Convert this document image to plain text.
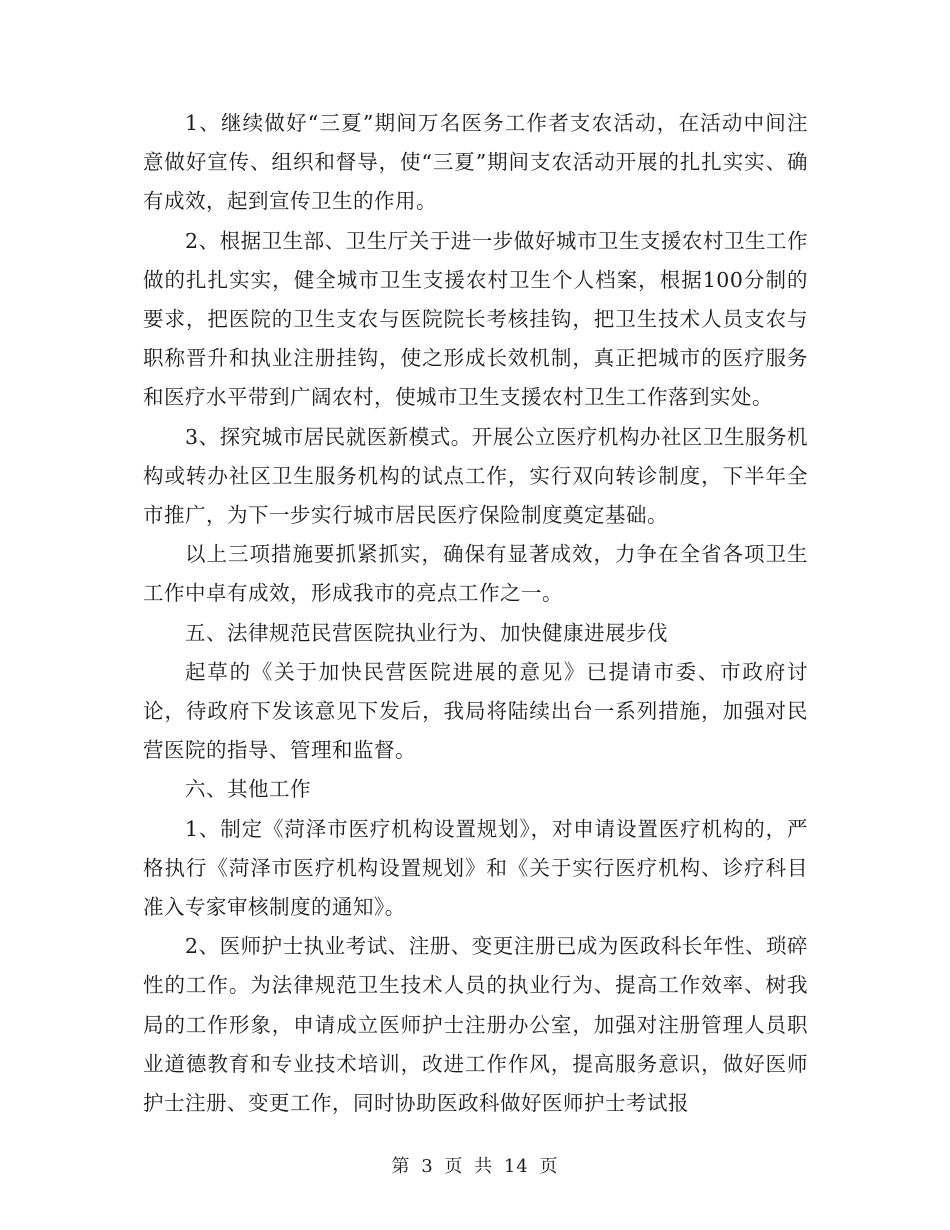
1、继续做好“三夏”期间万名医务工作者支农活动，在活动中间注意做好宣传、组织和督导，使“三夏”期间支农活动开展的扎扎实实、确有成效，起到宣传卫生的作用。

2、根据卫生部、卫生厅关于进一步做好城市卫生支援农村卫生工作做的扎扎实实，健全城市卫生支援农村卫生个人档案，根据100分制的要求，把医院的卫生支农与医院院长考核挂钩，把卫生技术人员支农与职称晋升和执业注册挂钩，使之形成长效机制，真正把城市的医疗服务和医疗水平带到广阔农村，使城市卫生支援农村卫生工作落到实处。

3、探究城市居民就医新模式。开展公立医疗机构办社区卫生服务机构或转办社区卫生服务机构的试点工作，实行双向转诊制度，下半年全市推广，为下一步实行城市居民医疗保险制度奠定基础。

以上三项措施要抓紧抓实，确保有显著成效，力争在全省各项卫生工作中卓有成效，形成我市的亮点工作之一。

五、法律规范民营医院执业行为、加快健康进展步伐

起草的《关于加快民营医院进展的意见》已提请市委、市政府讨论，待政府下发该意见下发后，我局将陆续出台一系列措施，加强对民营医院的指导、管理和监督。

六、其他工作

1、制定《菏泽市医疗机构设置规划》，对申请设置医疗机构的，严格执行《菏泽市医疗机构设置规划》和《关于实行医疗机构、诊疗科目准入专家审核制度的通知》。

2、医师护士执业考试、注册、变更注册已成为医政科长年性、琐碎性的工作。为法律规范卫生技术人员的执业行为、提高工作效率、树我局的工作形象，申请成立医师护士注册办公室，加强对注册管理人员职业道德教育和专业技术培训，改进工作作风，提高服务意识，做好医师护士注册、变更工作，同时协助医政科做好医师护士考试报

第 3 页 共 14 页
